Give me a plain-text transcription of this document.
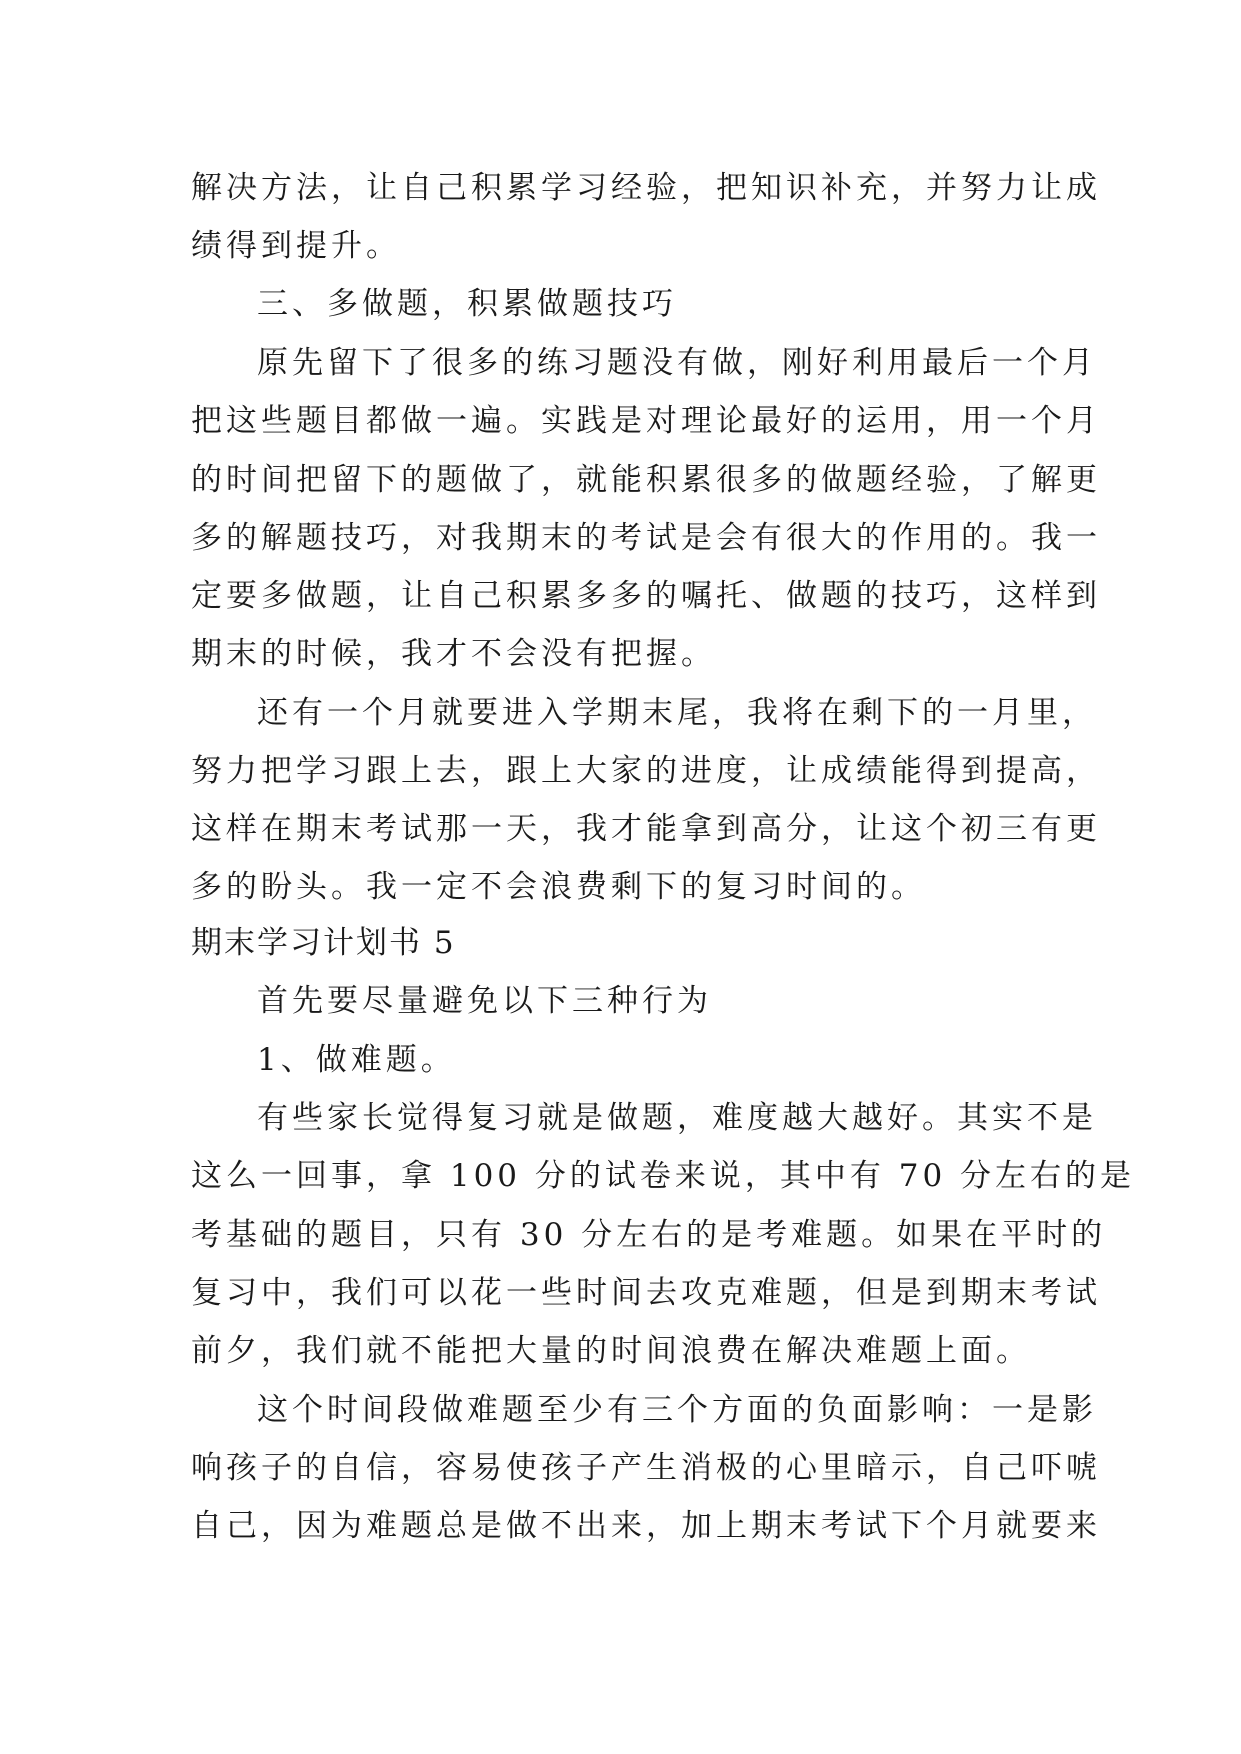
解决方法，让自己积累学习经验，把知识补充，并努力让成
绩得到提升。
三、多做题，积累做题技巧
原先留下了很多的练习题没有做，刚好利用最后一个月
把这些题目都做一遍。实践是对理论最好的运用，用一个月
的时间把留下的题做了，就能积累很多的做题经验，了解更
多的解题技巧，对我期末的考试是会有很大的作用的。我一
定要多做题，让自己积累多多的嘱托、做题的技巧，这样到
期末的时候，我才不会没有把握。
还有一个月就要进入学期末尾，我将在剩下的一月里，
努力把学习跟上去，跟上大家的进度，让成绩能得到提高，
这样在期末考试那一天，我才能拿到高分，让这个初三有更
多的盼头。我一定不会浪费剩下的复习时间的。
期末学习计划书 5
首先要尽量避免以下三种行为
1、做难题。
有些家长觉得复习就是做题，难度越大越好。其实不是
这么一回事，拿 100 分的试卷来说，其中有 70 分左右的是
考基础的题目，只有 30 分左右的是考难题。如果在平时的
复习中，我们可以花一些时间去攻克难题，但是到期末考试
前夕，我们就不能把大量的时间浪费在解决难题上面。
这个时间段做难题至少有三个方面的负面影响：一是影
响孩子的自信，容易使孩子产生消极的心里暗示，自己吓唬
自己，因为难题总是做不出来，加上期末考试下个月就要来
